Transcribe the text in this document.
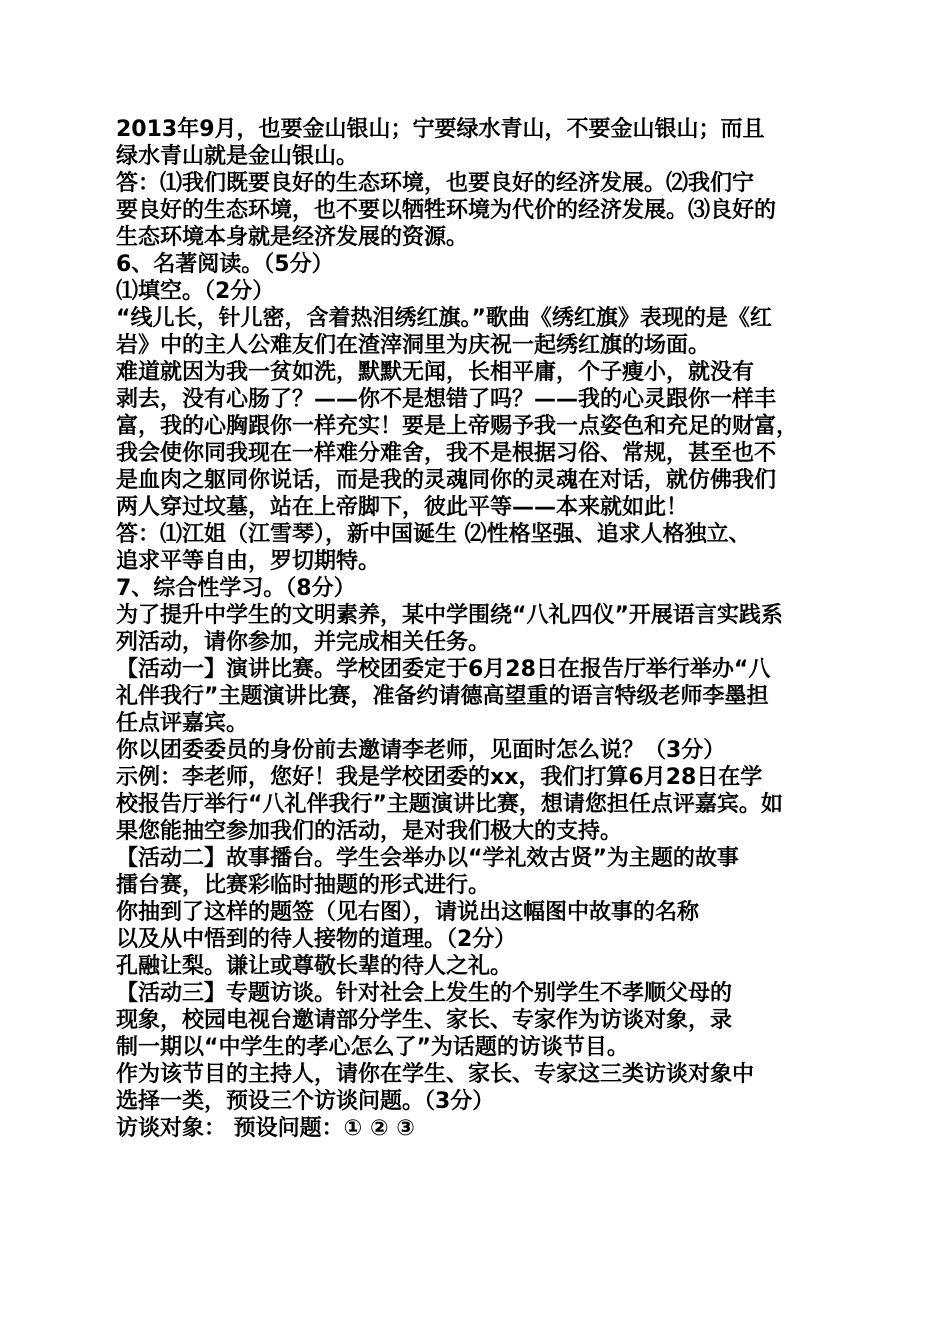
2013年9月，也要金山银山；宁要绿水青山，不要金山银山；而且
绿水青山就是金山银山。
答：⑴我们既要良好的生态环境，也要良好的经济发展。⑵我们宁
要良好的生态环境，也不要以牺牲环境为代价的经济发展。⑶良好的
生态环境本身就是经济发展的资源。
6、名著阅读。（5分）
⑴填空。（2分）
“线儿长，针儿密，含着热泪绣红旗。”歌曲《绣红旗》表现的是《红
岩》中的主人公难友们在渣滓洞里为庆祝一起绣红旗的场面。
难道就因为我一贫如洗，默默无闻，长相平庸，个子瘦小，就没有
剥去，没有心肠了？——你不是想错了吗？——我的心灵跟你一样丰
富，我的心胸跟你一样充实！要是上帝赐予我一点姿色和充足的财富，
我会使你同我现在一样难分难舍，我不是根据习俗、常规，甚至也不
是血肉之躯同你说话，而是我的灵魂同你的灵魂在对话，就仿佛我们
两人穿过坟墓，站在上帝脚下，彼此平等——本来就如此！
答：⑴江姐（江雪琴），新中国诞生 ⑵性格坚强、追求人格独立、
追求平等自由，罗切期特。
7、综合性学习。（8分）
为了提升中学生的文明素养，某中学围绕“八礼四仪”开展语言实践系
列活动，请你参加，并完成相关任务。
【活动一】演讲比赛。学校团委定于6月28日在报告厅举行举办“八
礼伴我行”主题演讲比赛，准备约请德高望重的语言特级老师李墨担
任点评嘉宾。
你以团委委员的身份前去邀请李老师，见面时怎么说？（3分）
示例：李老师，您好！我是学校团委的xx，我们打算6月28日在学
校报告厅举行“八礼伴我行”主题演讲比赛，想请您担任点评嘉宾。如
果您能抽空参加我们的活动，是对我们极大的支持。
【活动二】故事播台。学生会举办以“学礼效古贤”为主题的故事
擂台赛，比赛彩临时抽题的形式进行。
你抽到了这样的题签（见右图），请说出这幅图中故事的名称
以及从中悟到的待人接物的道理。（2分）
孔融让梨。谦让或尊敬长辈的待人之礼。
【活动三】专题访谈。针对社会上发生的个别学生不孝顺父母的
现象，校园电视台邀请部分学生、家长、专家作为访谈对象，录
制一期以“中学生的孝心怎么了”为话题的访谈节目。
作为该节目的主持人，请你在学生、家长、专家这三类访谈对象中
选择一类，预设三个访谈问题。（3分）
访谈对象： 预设问题：① ② ③
